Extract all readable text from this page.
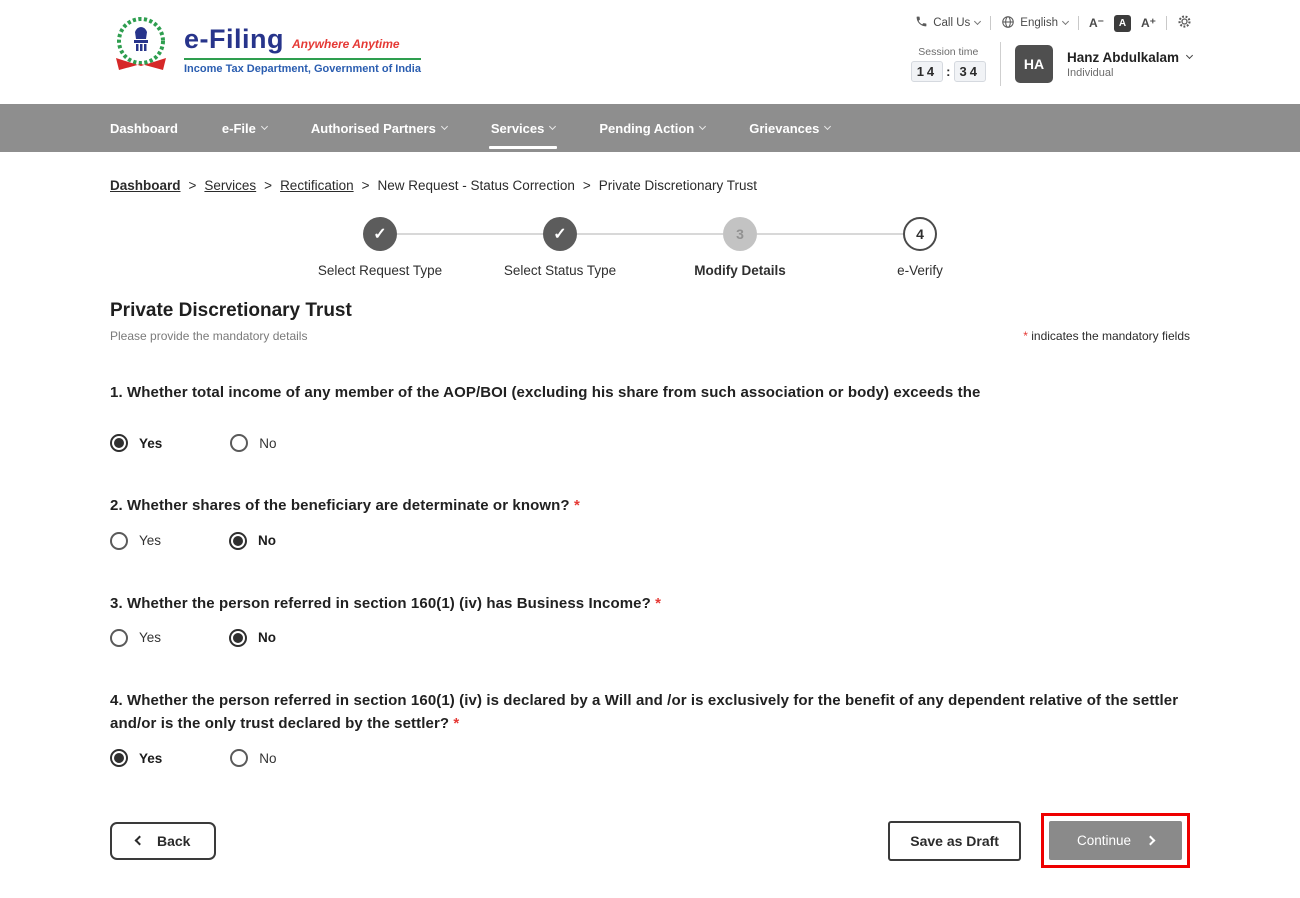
e-Filing Anywhere Anytime
Income Tax Department, Government of India
Call Us	English	A⁻	A	A⁺
Session time
14 : 34	HA	Hanz Abdulkalam
Individual
Dashboard	e-File	Authorised Partners	Services	Pending Action	Grievances
Dashboard > Services > Rectification > New Request - Status Correction > Private Discretionary Trust
✓
Select Request Type
✓
Select Status Type
3
Modify Details
4
e-Verify
Private Discretionary Trust
Please provide the mandatory details	* indicates the mandatory fields
1. Whether total income of any member of the AOP/BOI (excluding his share from such association or body) exceeds the
Yes	No
2. Whether shares of the beneficiary are determinate or known? *
Yes	No
3. Whether the person referred in section 160(1) (iv) has Business Income? *
Yes	No
4. Whether the person referred in section 160(1) (iv) is declared by a Will and /or is exclusively for the benefit of any dependent relative of the settler and/or is the only trust declared by the settler? *
Yes	No
Back	Save as Draft	Continue
